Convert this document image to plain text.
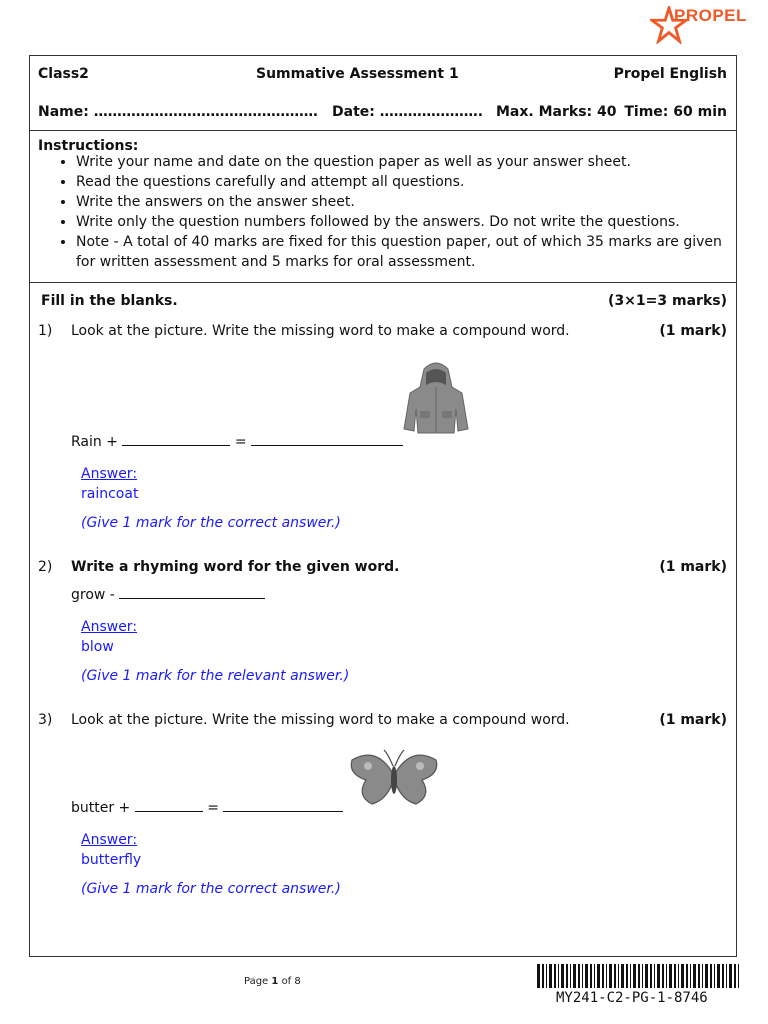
PROPEL
Class2	Summative Assessment 1	Propel English
Name: ………………………………………… Date: …………………. Max. Marks: 40 Time: 60 min
Instructions:
• Write your name and date on the question paper as well as your answer sheet.
• Read the questions carefully and attempt all questions.
• Write the answers on the answer sheet.
• Write only the question numbers followed by the answers. Do not write the questions.
• Note - A total of 40 marks are fixed for this question paper, out of which 35 marks are given for written assessment and 5 marks for oral assessment.
Fill in the blanks.	(3×1=3 marks)
1) Look at the picture. Write the missing word to make a compound word.	(1 mark)
Rain +	=
Answer:
raincoat
(Give 1 mark for the correct answer.)
2) Write a rhyming word for the given word.	(1 mark)
grow -
Answer:
blow
(Give 1 mark for the relevant answer.)
3) Look at the picture. Write the missing word to make a compound word.	(1 mark)
butter +	=
Answer:
butterfly
(Give 1 mark for the correct answer.)
Page 1 of 8
MY241-C2-PG-1-8746
